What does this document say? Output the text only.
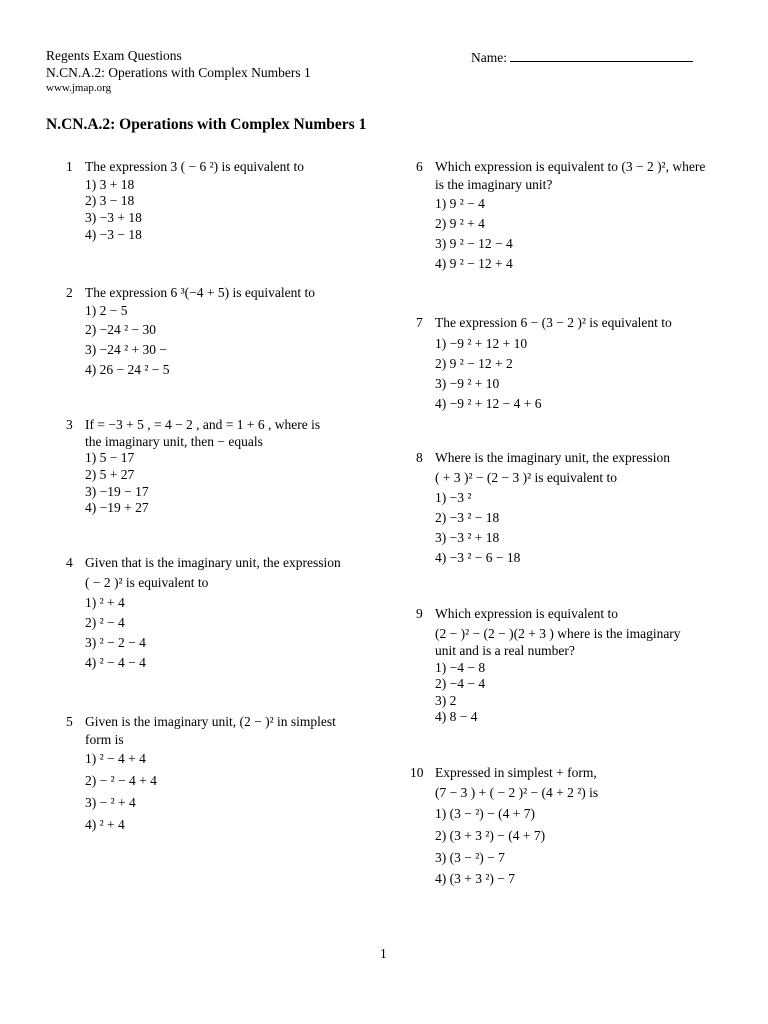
Regents Exam Questions
N.CN.A.2: Operations with Complex Numbers 1
www.jmap.org
Name:
N.CN.A.2: Operations with Complex Numbers 1
1 The expression 3 ( − 6 ²) is equivalent to
1) 3 + 18
2) 3 − 18
3) −3 + 18
4) −3 − 18
2 The expression 6 ³(−4 + 5) is equivalent to
1) 2 − 5
2) −24 ² − 30
3) −24 ² + 30 −
4) 26 − 24 ² − 5
3 If = −3 + 5 , = 4 − 2 , and = 1 + 6 , where is
the imaginary unit, then − equals
1) 5 − 17
2) 5 + 27
3) −19 − 17
4) −19 + 27
4 Given that is the imaginary unit, the expression
( − 2 )² is equivalent to
1) ² + 4
2) ² − 4
3) ² − 2 − 4
4) ² − 4 − 4
5 Given is the imaginary unit, (2 − )² in simplest
form is
1) ² − 4 + 4
2) − ² − 4 + 4
3) − ² + 4
4) ² + 4
6 Which expression is equivalent to (3 − 2 )², where
is the imaginary unit?
1) 9 ² − 4
2) 9 ² + 4
3) 9 ² − 12 − 4
4) 9 ² − 12 + 4
7 The expression 6 − (3 − 2 )² is equivalent to
1) −9 ² + 12 + 10
2) 9 ² − 12 + 2
3) −9 ² + 10
4) −9 ² + 12 − 4 + 6
8 Where is the imaginary unit, the expression
( + 3 )² − (2 − 3 )² is equivalent to
1) −3 ²
2) −3 ² − 18
3) −3 ² + 18
4) −3 ² − 6 − 18
9 Which expression is equivalent to
(2 − )² − (2 − )(2 + 3 ) where is the imaginary
unit and is a real number?
1) −4 − 8
2) −4 − 4
3) 2
4) 8 − 4
10 Expressed in simplest + form,
(7 − 3 ) + ( − 2 )² − (4 + 2 ²) is
1) (3 − ²) − (4 + 7)
2) (3 + 3 ²) − (4 + 7)
3) (3 − ²) − 7
4) (3 + 3 ²) − 7
1
